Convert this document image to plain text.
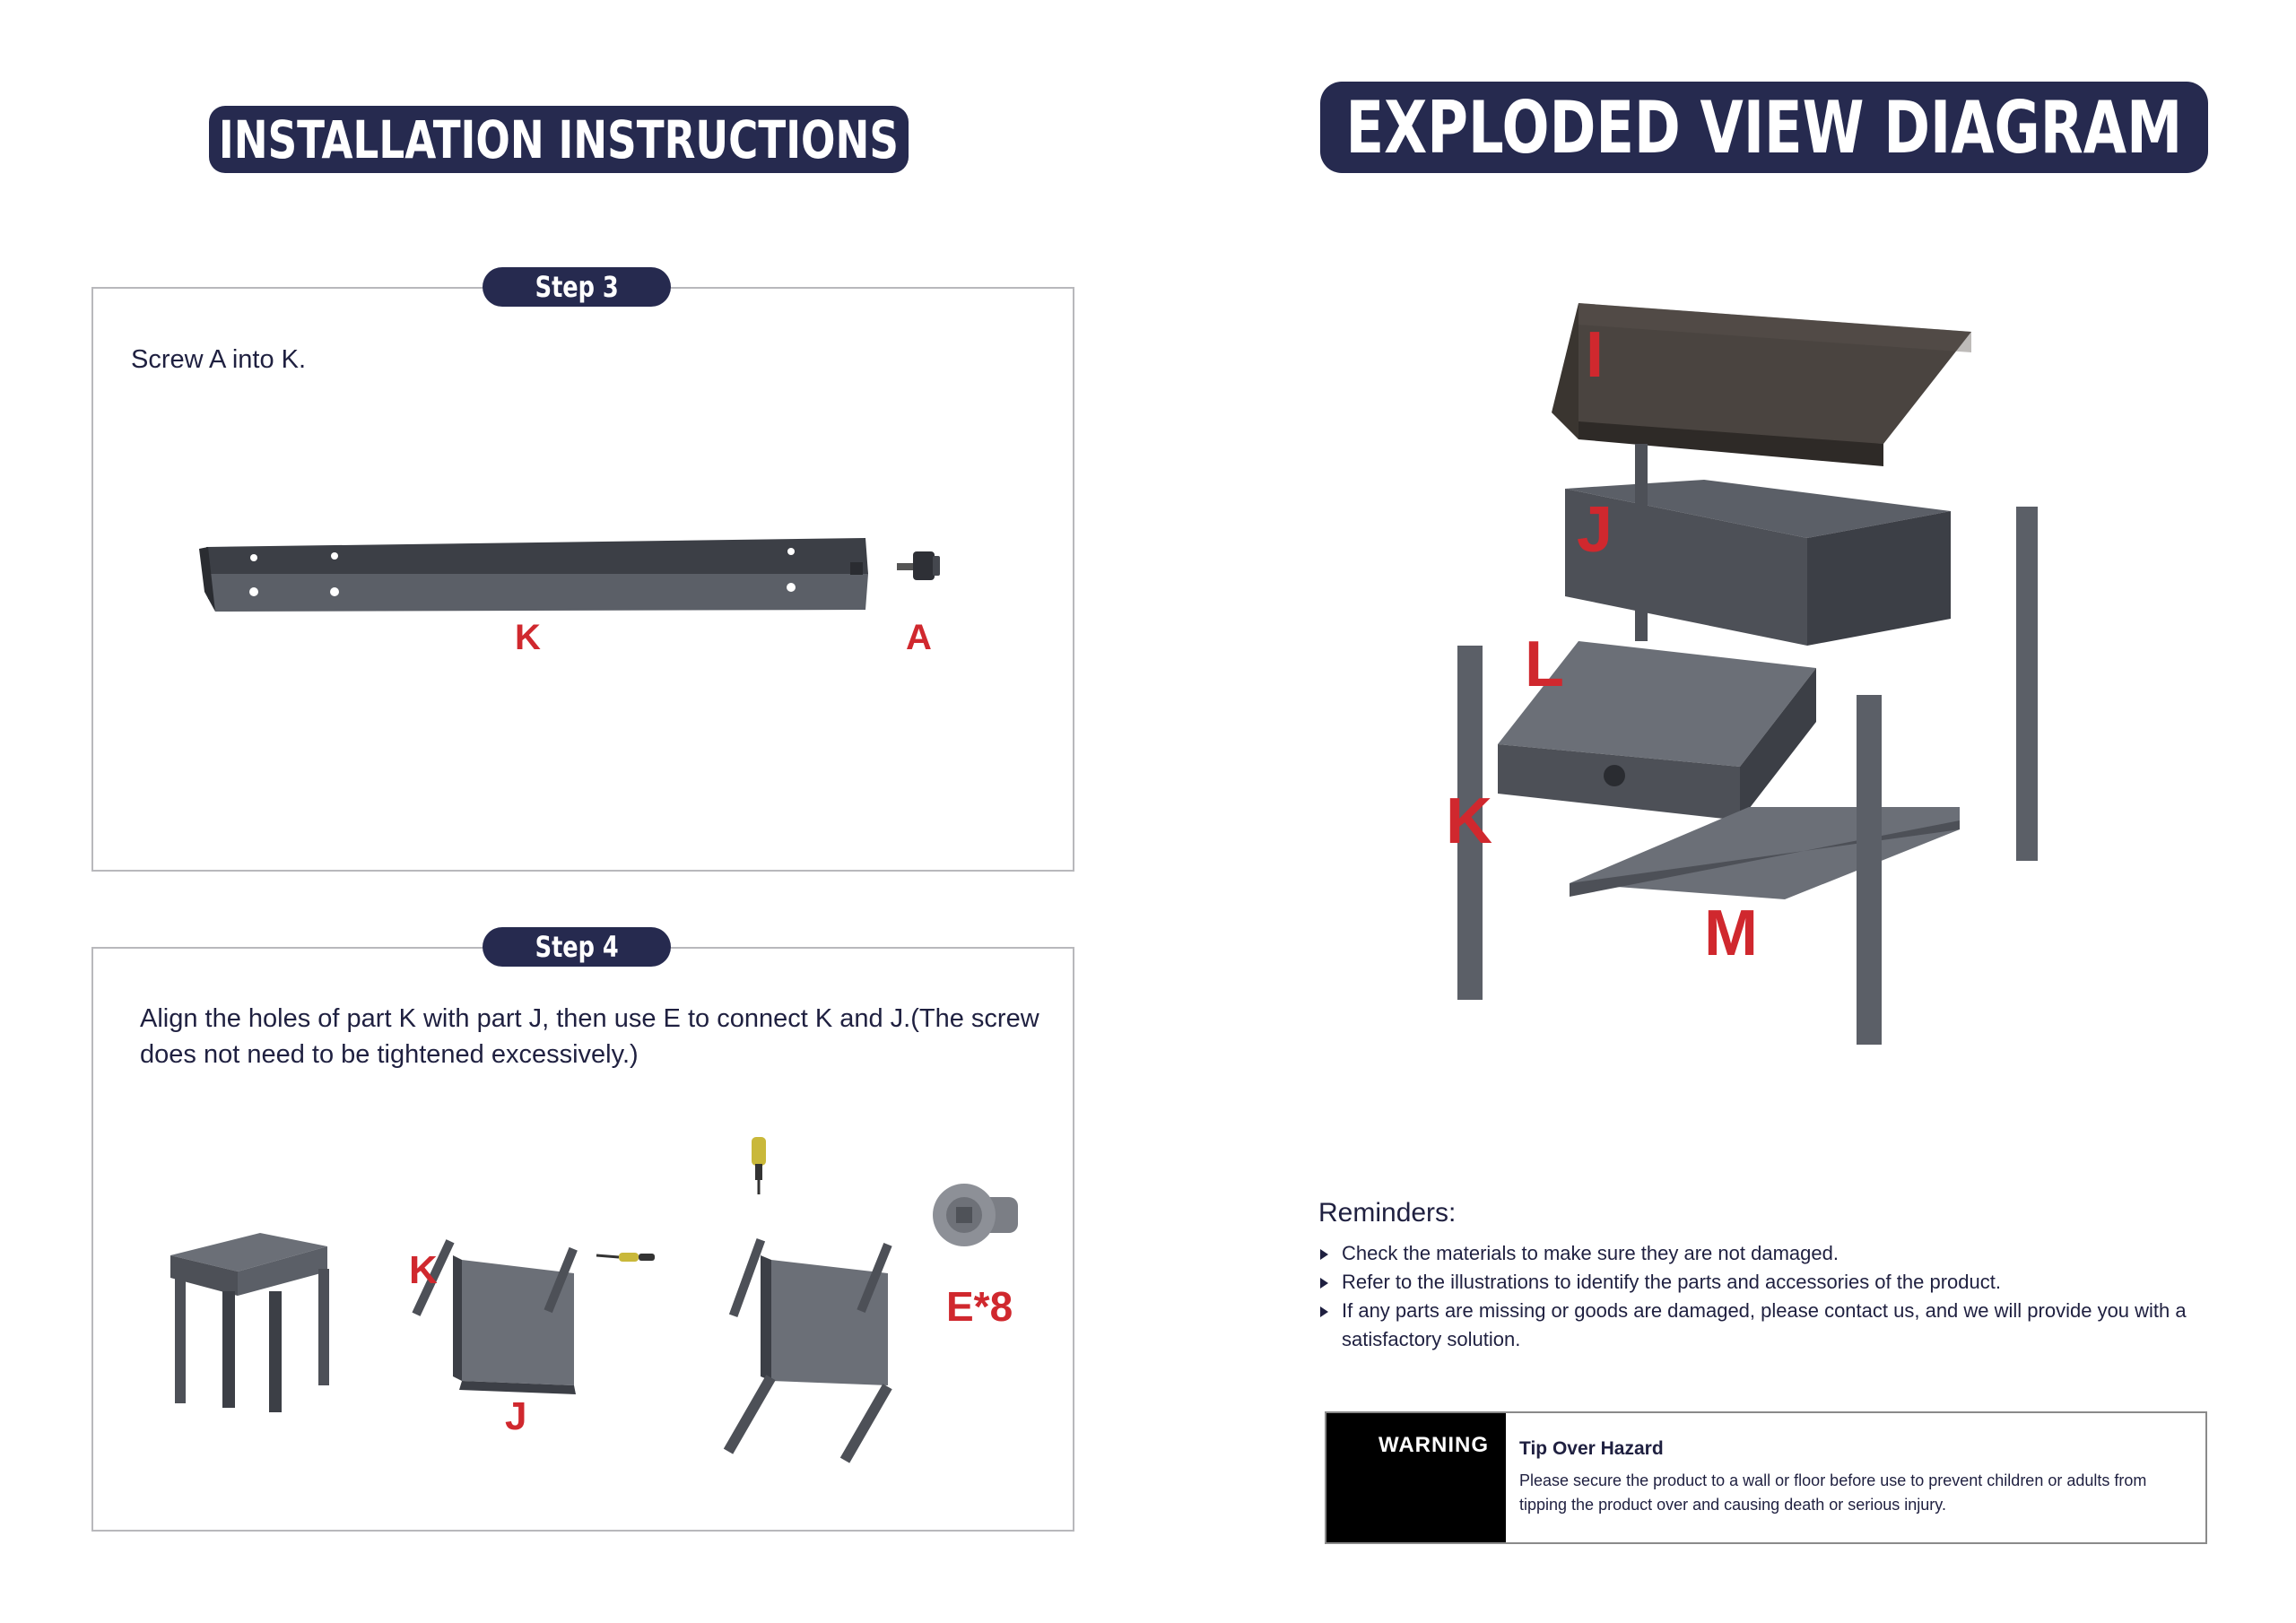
INSTALLATION INSTRUCTIONS	EXPLODED VIEW DIAGRAM
Step 3
Screw A into K.
Step 4
Align the holes of part K with part J, then use E to connect K and J.(The screw does not need to be tightened excessively.)
K	A
K
J
E*8
I
J
L
K
M
Reminders:
Check the materials to make sure they are not damaged.
Refer to the illustrations to identify the parts and accessories of the product.
If any parts are missing or goods are damaged, please contact us, and we will provide you with a satisfactory solution.
WARNING Tip Over Hazard
Please secure the product to a wall or floor before use to prevent children or adults from tipping the product over and causing death or serious injury.
